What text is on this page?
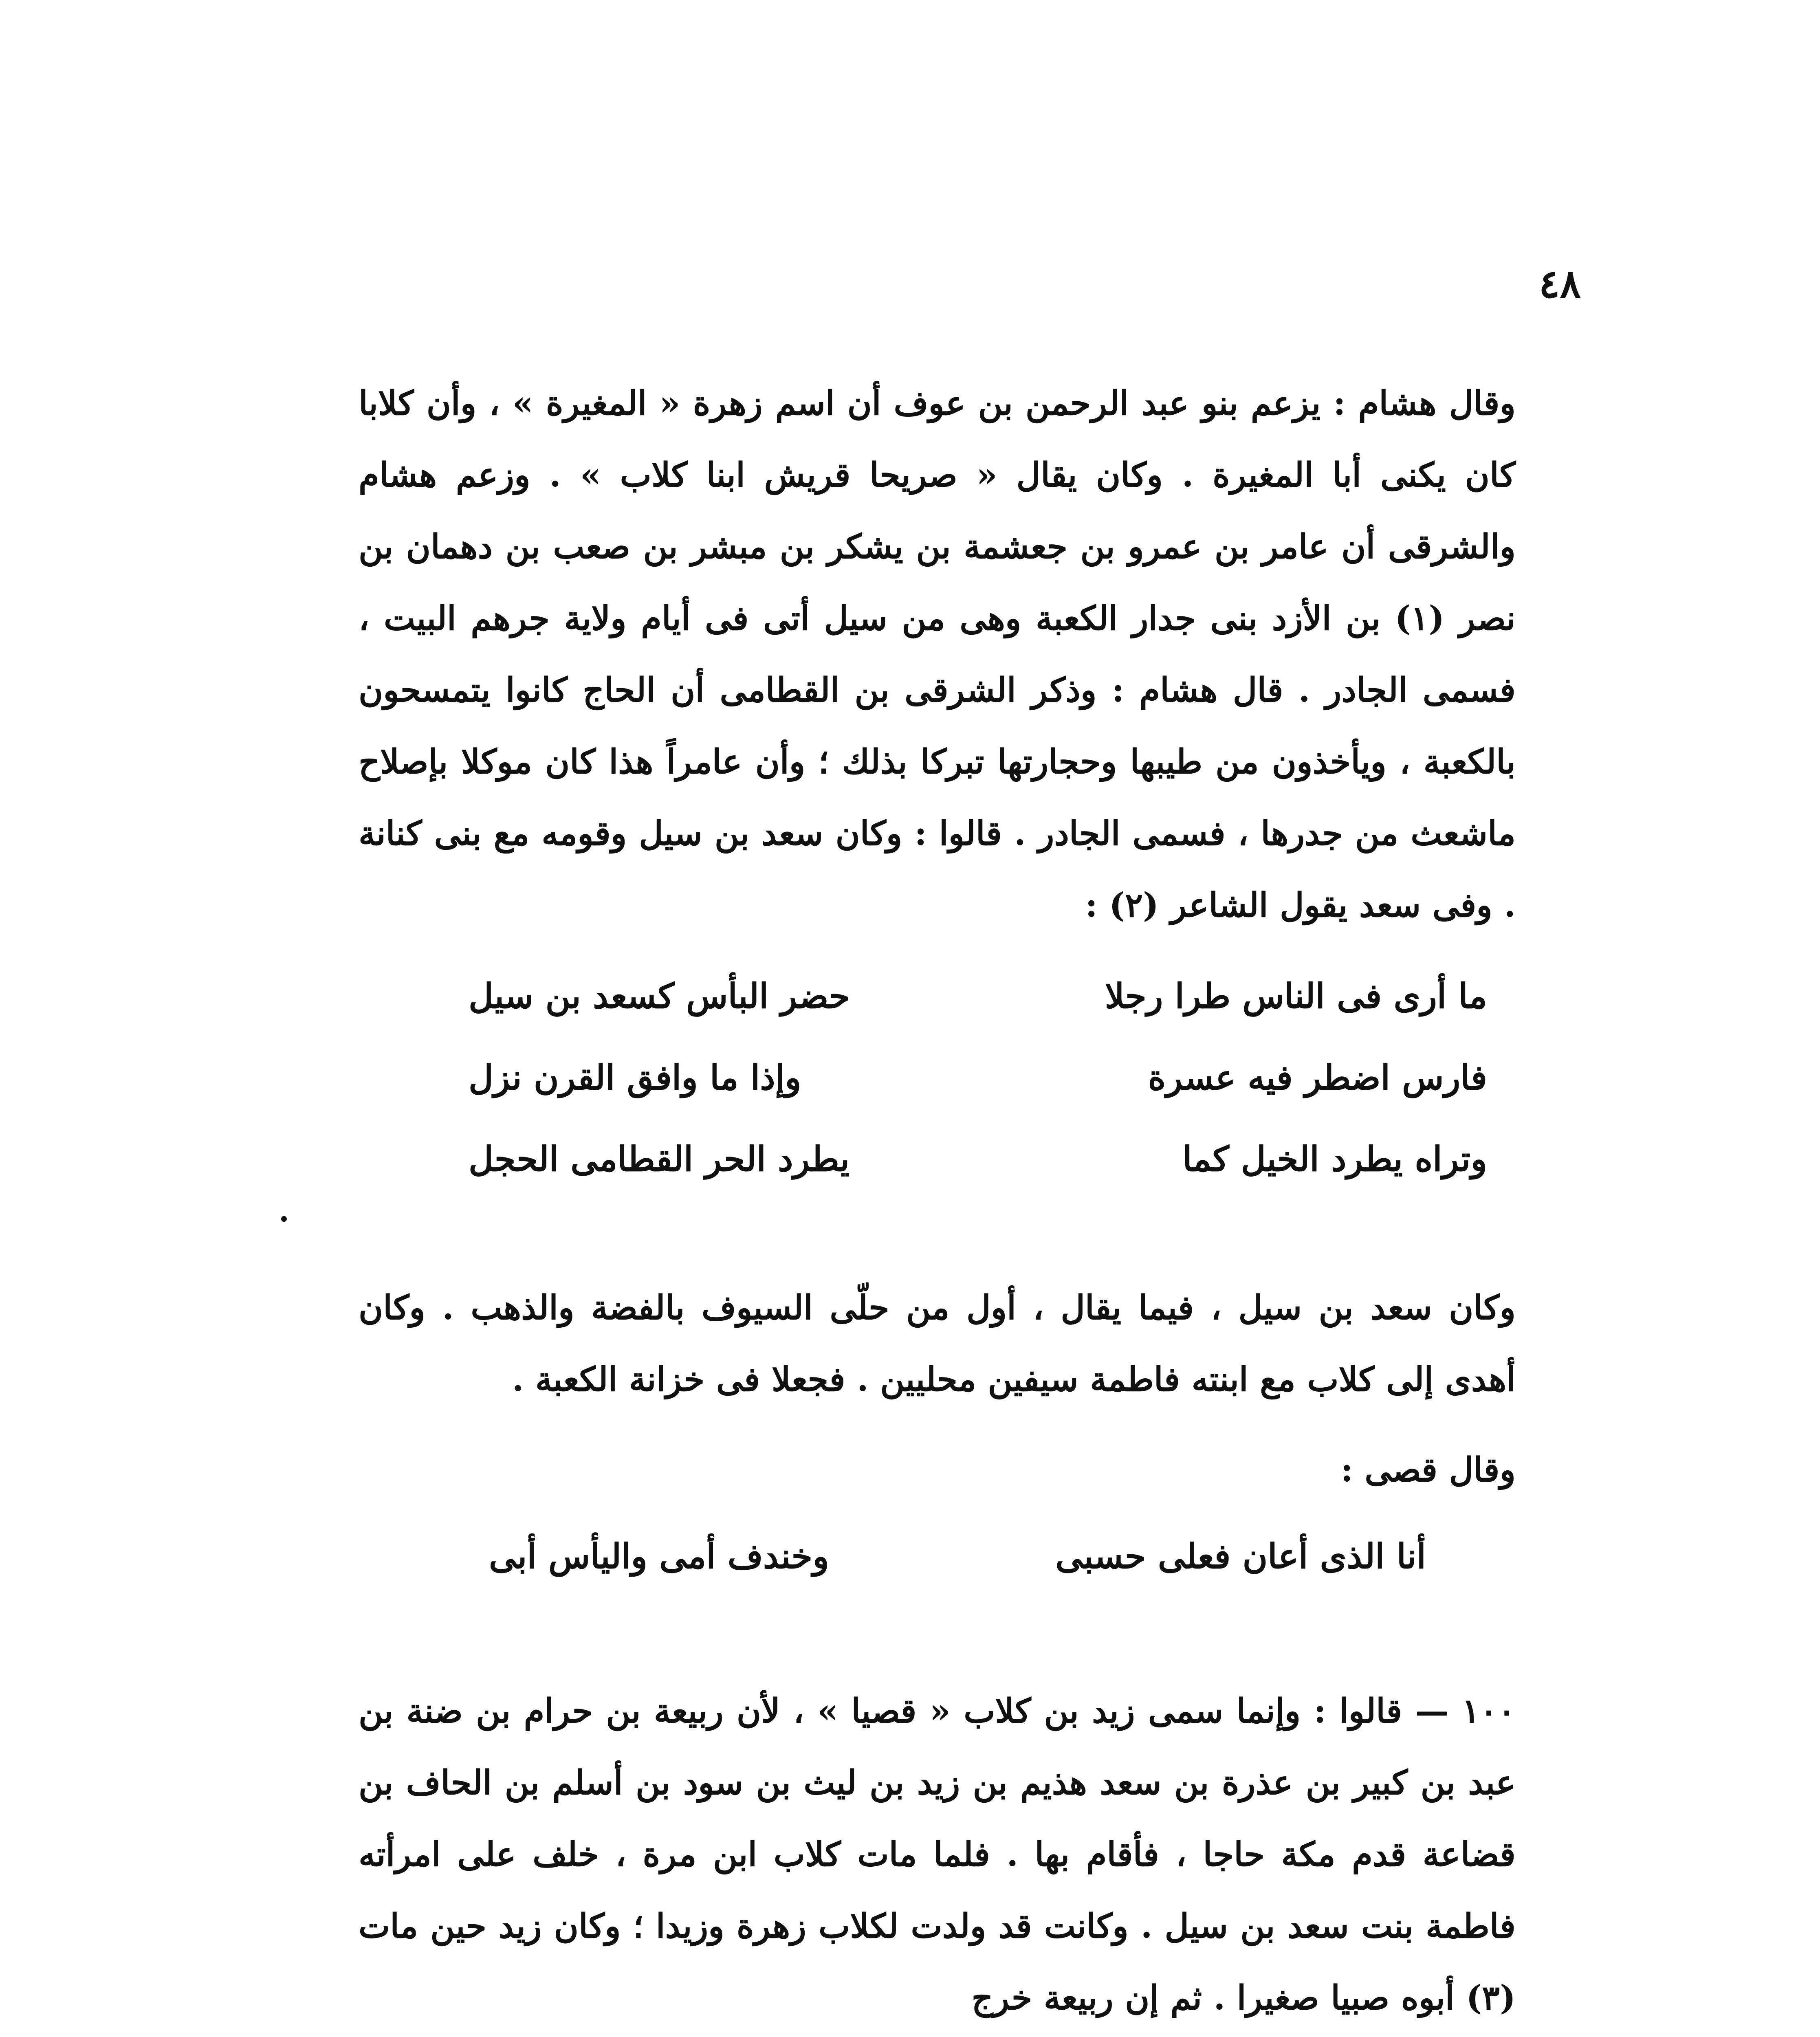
٤٨

وقال هشام : يزعم بنو عبد الرحمن بن عوف أن اسم زهرة « المغيرة » ، وأن كلابا كان يكنى أبا المغيرة . وكان يقال « صريحا قريش ابنا كلاب » . وزعم هشام والشرقى أن عامر بن عمرو بن جعشمة بن يشكر بن مبشر بن صعب بن دهمان بن نصر (١) بن الأزد بنى جدار الكعبة وهى من سيل أتى فى أيام ولاية جرهم البيت ، فسمى الجادر . قال هشام : وذكر الشرقى بن القطامى أن الحاج كانوا يتمسحون بالكعبة ، ويأخذون من طيبها وحجارتها تبركا بذلك ؛ وأن عامراً هذا كان موكلا بإصلاح ماشعث من جدرها ، فسمى الجادر . قالوا : وكان سعد بن سيل وقومه مع بنى كنانة . وفى سعد يقول الشاعر (٢) :

ما أرى فى الناس طرا رجلا
حضر البأس كسعد بن سيل
فارس اضطر فيه عسرة
وإذا ما وافق القرن نزل
وتراه يطرد الخيل كما
يطرد الحر القطامى الحجل

وكان سعد بن سيل ، فيما يقال ، أول من حلّى السيوف بالفضة والذهب . وكان أهدى إلى كلاب مع ابنته فاطمة سيفين محليين . فجعلا فى خزانة الكعبة .

وقال قصى :
أنا الذى أعان فعلى حسبى
وخندف أمى واليأس أبى

١٠٠ — قالوا : وإنما سمى زيد بن كلاب « قصيا » ، لأن ربيعة بن حرام بن ضنة بن عبد بن كبير بن عذرة بن سعد هذيم بن زيد بن ليث بن سود بن أسلم بن الحاف بن قضاعة قدم مكة حاجا ، فأقام بها . فلما مات كلاب ابن مرة ، خلف على امرأته فاطمة بنت سعد بن سيل . وكانت قد ولدت لكلاب زهرة وزيدا ؛ وكان زيد حين مات (٣) أبوه صبيا صغيرا . ثم إن ربيعة خرج
